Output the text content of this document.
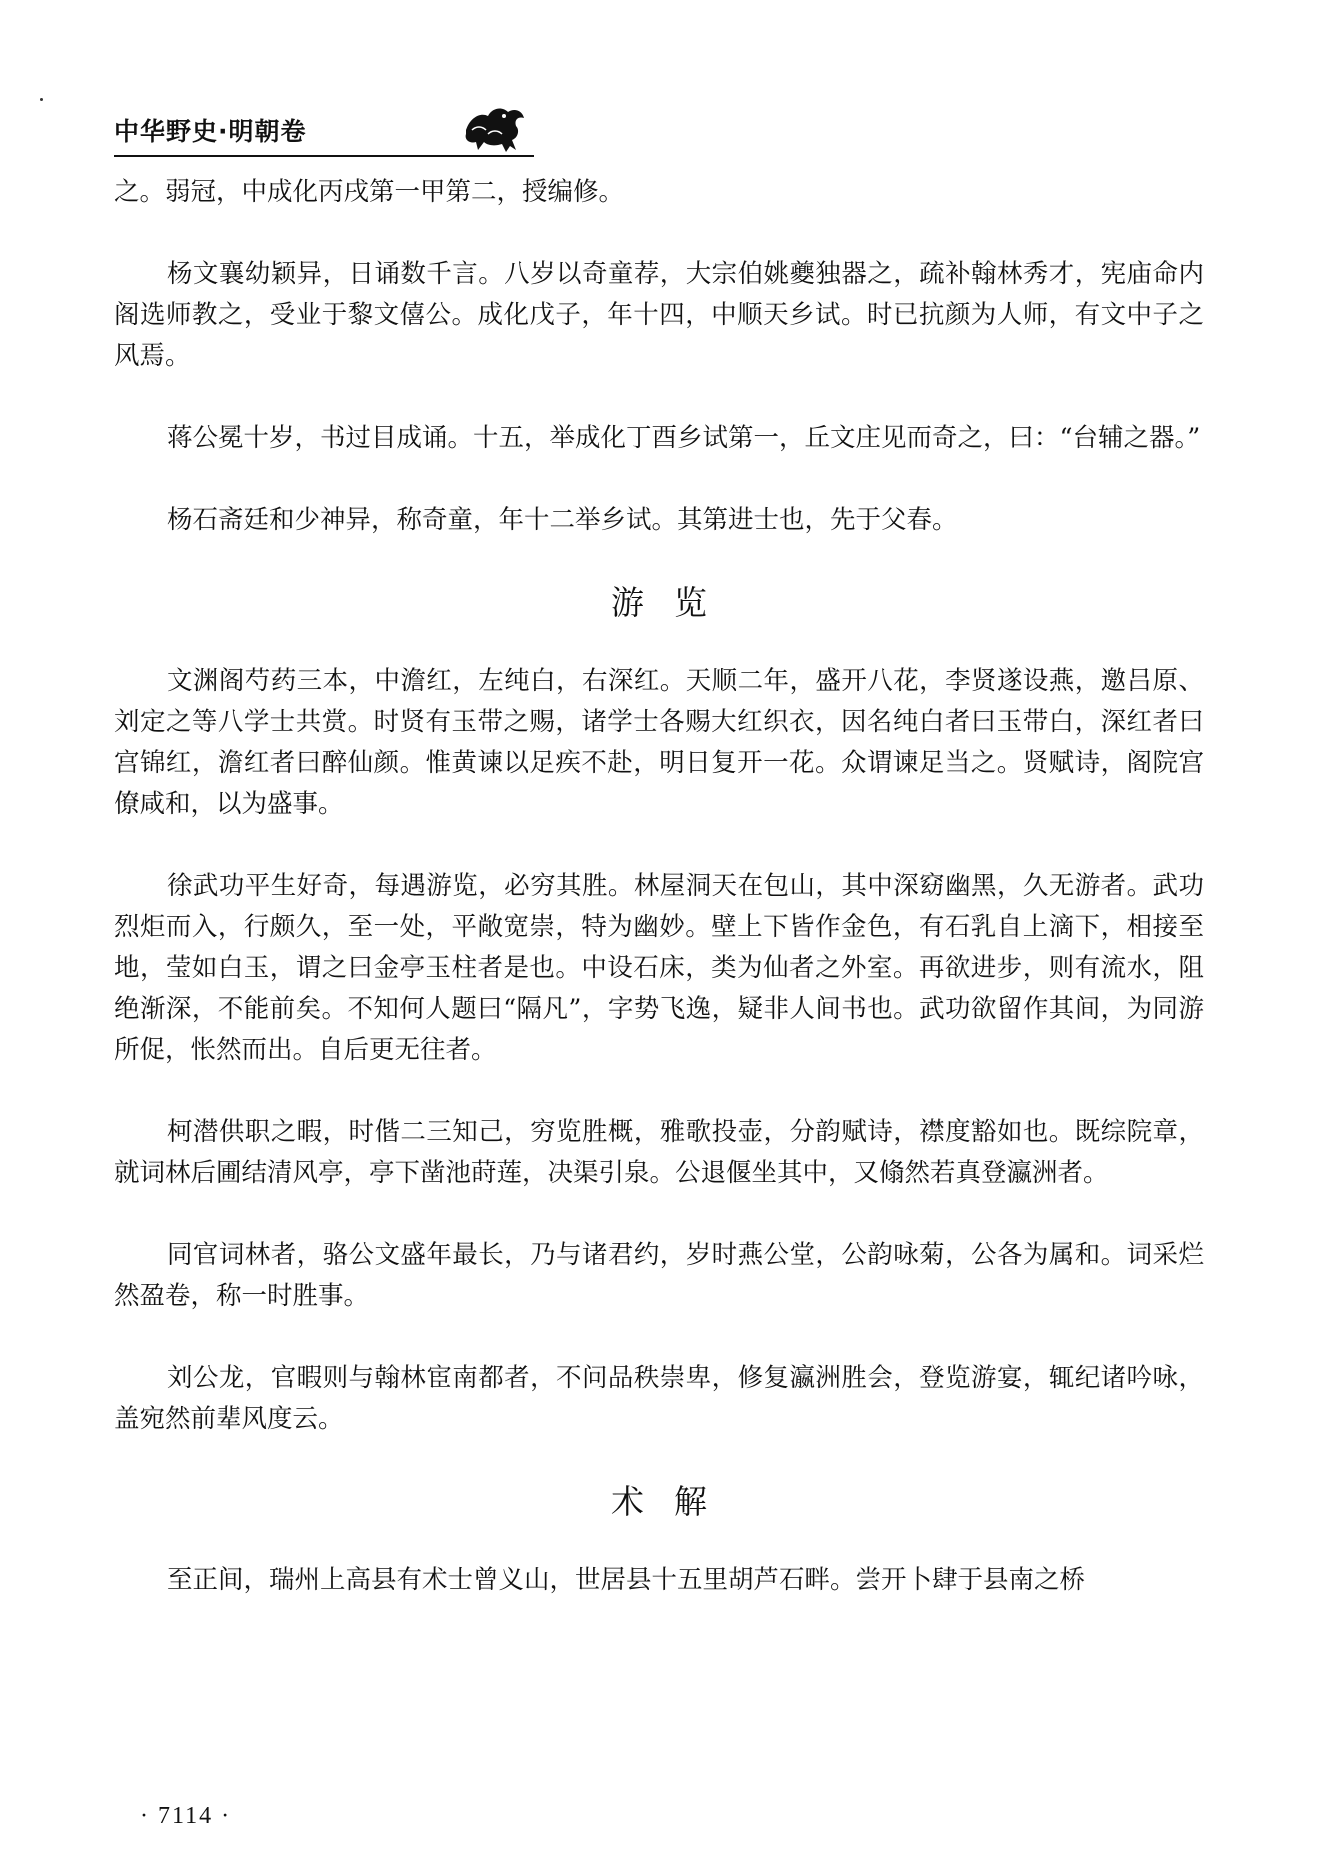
中华野史·明朝卷

之。弱冠，中成化丙戌第一甲第二，授编修。

杨文襄幼颖异，日诵数千言。八岁以奇童荐，大宗伯姚夔独器之，疏补翰林秀才，宪庙命内阁选师教之，受业于黎文僖公。成化戊子，年十四，中顺天乡试。时已抗颜为人师，有文中子之风焉。

蒋公冕十岁，书过目成诵。十五，举成化丁酉乡试第一，丘文庄见而奇之，曰：“台辅之器。”

杨石斋廷和少神异，称奇童，年十二举乡试。其第进士也，先于父春。

游览

文渊阁芍药三本，中澹红，左纯白，右深红。天顺二年，盛开八花，李贤遂设燕，邀吕原、刘定之等八学士共赏。时贤有玉带之赐，诸学士各赐大红织衣，因名纯白者曰玉带白，深红者曰宫锦红，澹红者曰醉仙颜。惟黄谏以足疾不赴，明日复开一花。众谓谏足当之。贤赋诗，阁院宫僚咸和，以为盛事。

徐武功平生好奇，每遇游览，必穷其胜。林屋洞天在包山，其中深窈幽黑，久无游者。武功烈炬而入，行颇久，至一处，平敞宽崇，特为幽妙。壁上下皆作金色，有石乳自上滴下，相接至地，莹如白玉，谓之曰金亭玉柱者是也。中设石床，类为仙者之外室。再欲进步，则有流水，阻绝渐深，不能前矣。不知何人题曰“隔凡”，字势飞逸，疑非人间书也。武功欲留作其间，为同游所促，怅然而出。自后更无往者。

柯潜供职之暇，时偕二三知己，穷览胜概，雅歌投壶，分韵赋诗，襟度豁如也。既综院章，就词林后圃结清风亭，亭下凿池莳莲，决渠引泉。公退偃坐其中，又翛然若真登瀛洲者。

同官词林者，骆公文盛年最长，乃与诸君约，岁时燕公堂，公韵咏菊，公各为属和。词采烂然盈卷，称一时胜事。

刘公龙，官暇则与翰林宦南都者，不问品秩崇卑，修复瀛洲胜会，登览游宴，辄纪诸吟咏，盖宛然前辈风度云。

术解

至正间，瑞州上高县有术士曾义山，世居县十五里胡芦石畔。尝开卜肆于县南之桥

· 7114 ·
